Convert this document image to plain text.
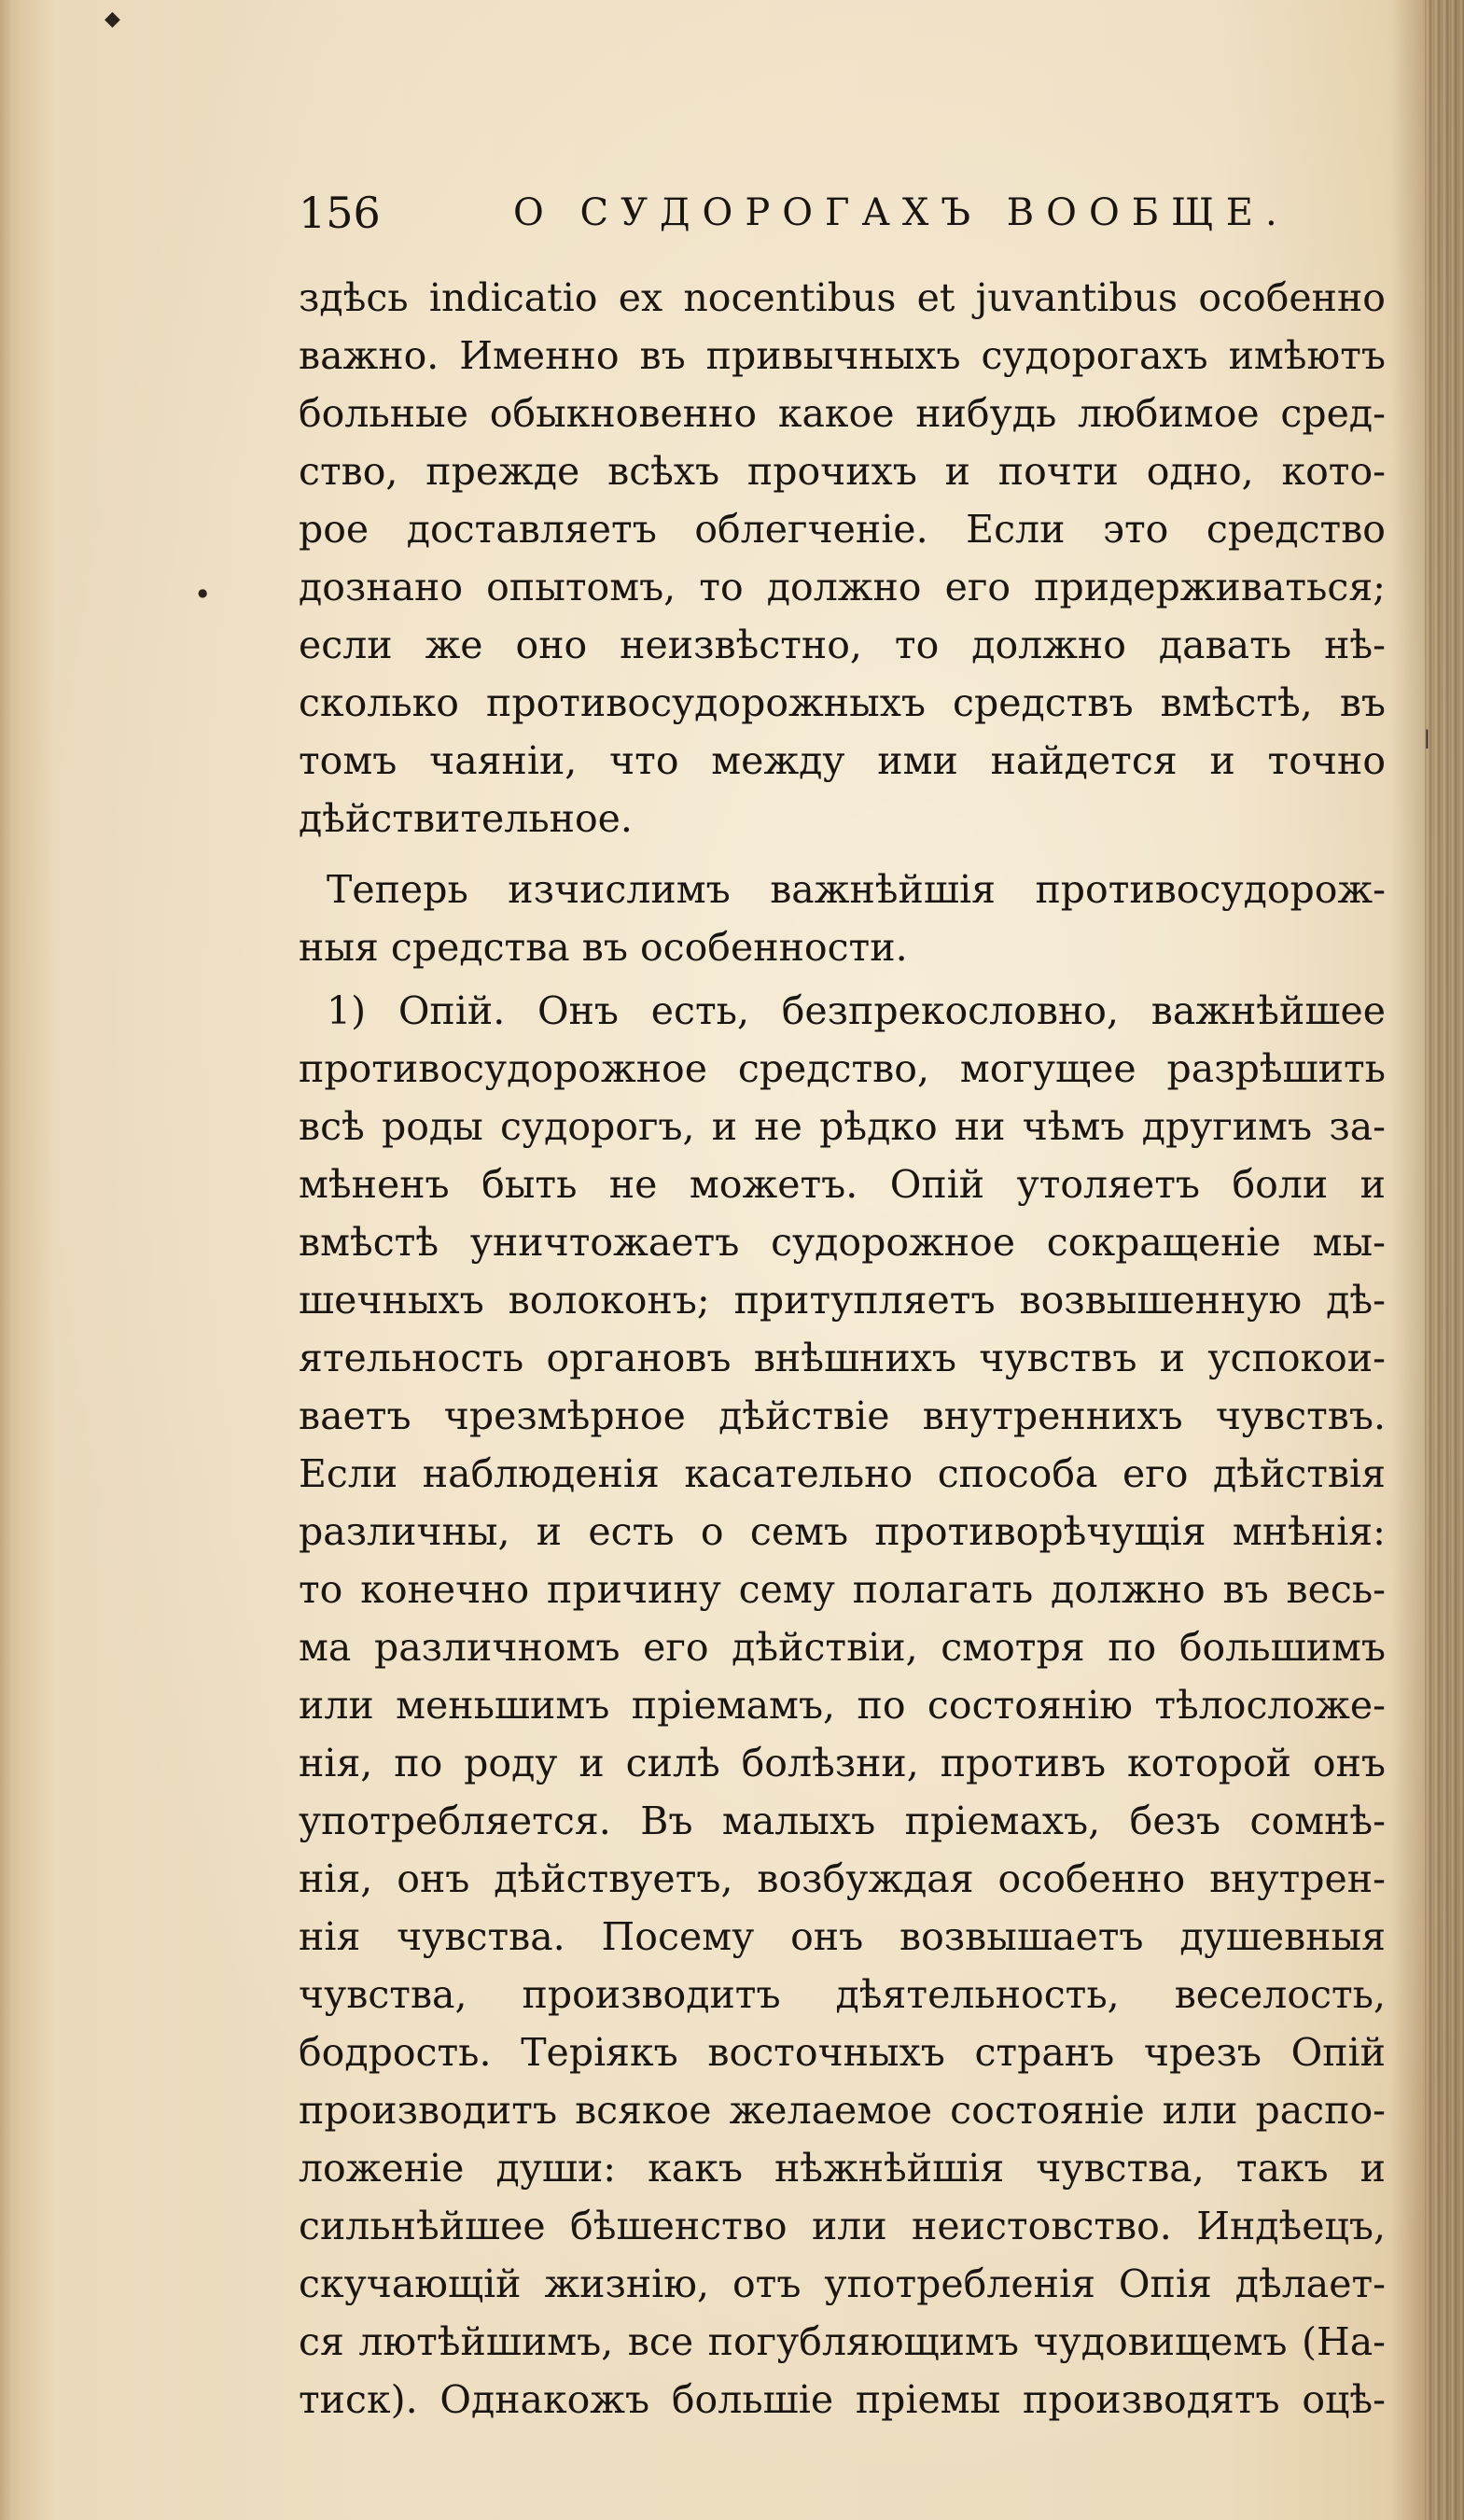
156	О СУДОРОГАХЪ ВООБЩЕ.
здѣсь indicatio ex nocentibus et juvantibus особенно
важно. Именно въ привычныхъ судорогахъ имѣютъ
больные обыкновенно какое нибудь любимое сред-
ство, прежде всѣхъ прочихъ и почти одно, кото-
рое доставляетъ облегченіе. Если это средство
дознано опытомъ, то должно его придерживаться;
если же оно неизвѣстно, то должно давать нѣ-
сколько противосудорожныхъ средствъ вмѣстѣ, въ
томъ чаяніи, что между ими найдется и точно
дѣйствительное.
Теперь изчислимъ важнѣйшія противосудорож-
ныя средства въ особенности.
1) Опій. Онъ есть, безпрекословно, важнѣйшее
противосудорожное средство, могущее разрѣшить
всѣ роды судорогъ, и не рѣдко ни чѣмъ другимъ за-
мѣненъ быть не можетъ. Опій утоляетъ боли и
вмѣстѣ уничтожаетъ судорожное сокращеніе мы-
шечныхъ волоконъ; притупляетъ возвышенную дѣ-
ятельность органовъ внѣшнихъ чувствъ и успокои-
ваетъ чрезмѣрное дѣйствіе внутреннихъ чувствъ.
Если наблюденія касательно способа его дѣйствія
различны, и есть о семъ противорѣчущія мнѣнія:
то конечно причину сему полагать должно въ весь-
ма различномъ его дѣйствіи, смотря по большимъ
или меньшимъ пріемамъ, по состоянію тѣлосложе-
нія, по роду и силѣ болѣзни, противъ которой онъ
употребляется. Въ малыхъ пріемахъ, безъ сомнѣ-
нія, онъ дѣйствуетъ, возбуждая особенно внутрен-
нія чувства. Посему онъ возвышаетъ душевныя
чувства, производитъ дѣятельность, веселость,
бодрость. Теріякъ восточныхъ странъ чрезъ Опій
производитъ всякое желаемое состояніе или распо-
ложеніе души: какъ нѣжнѣйшія чувства, такъ и
сильнѣйшее бѣшенство или неистовство. Индѣецъ,
скучающій жизнію, отъ употребленія Опія дѣлает-
ся лютѣйшимъ, все погубляющимъ чудовищемъ (На-
тиск). Однакожъ большіе пріемы производятъ оцѣ-
◆
●
|
